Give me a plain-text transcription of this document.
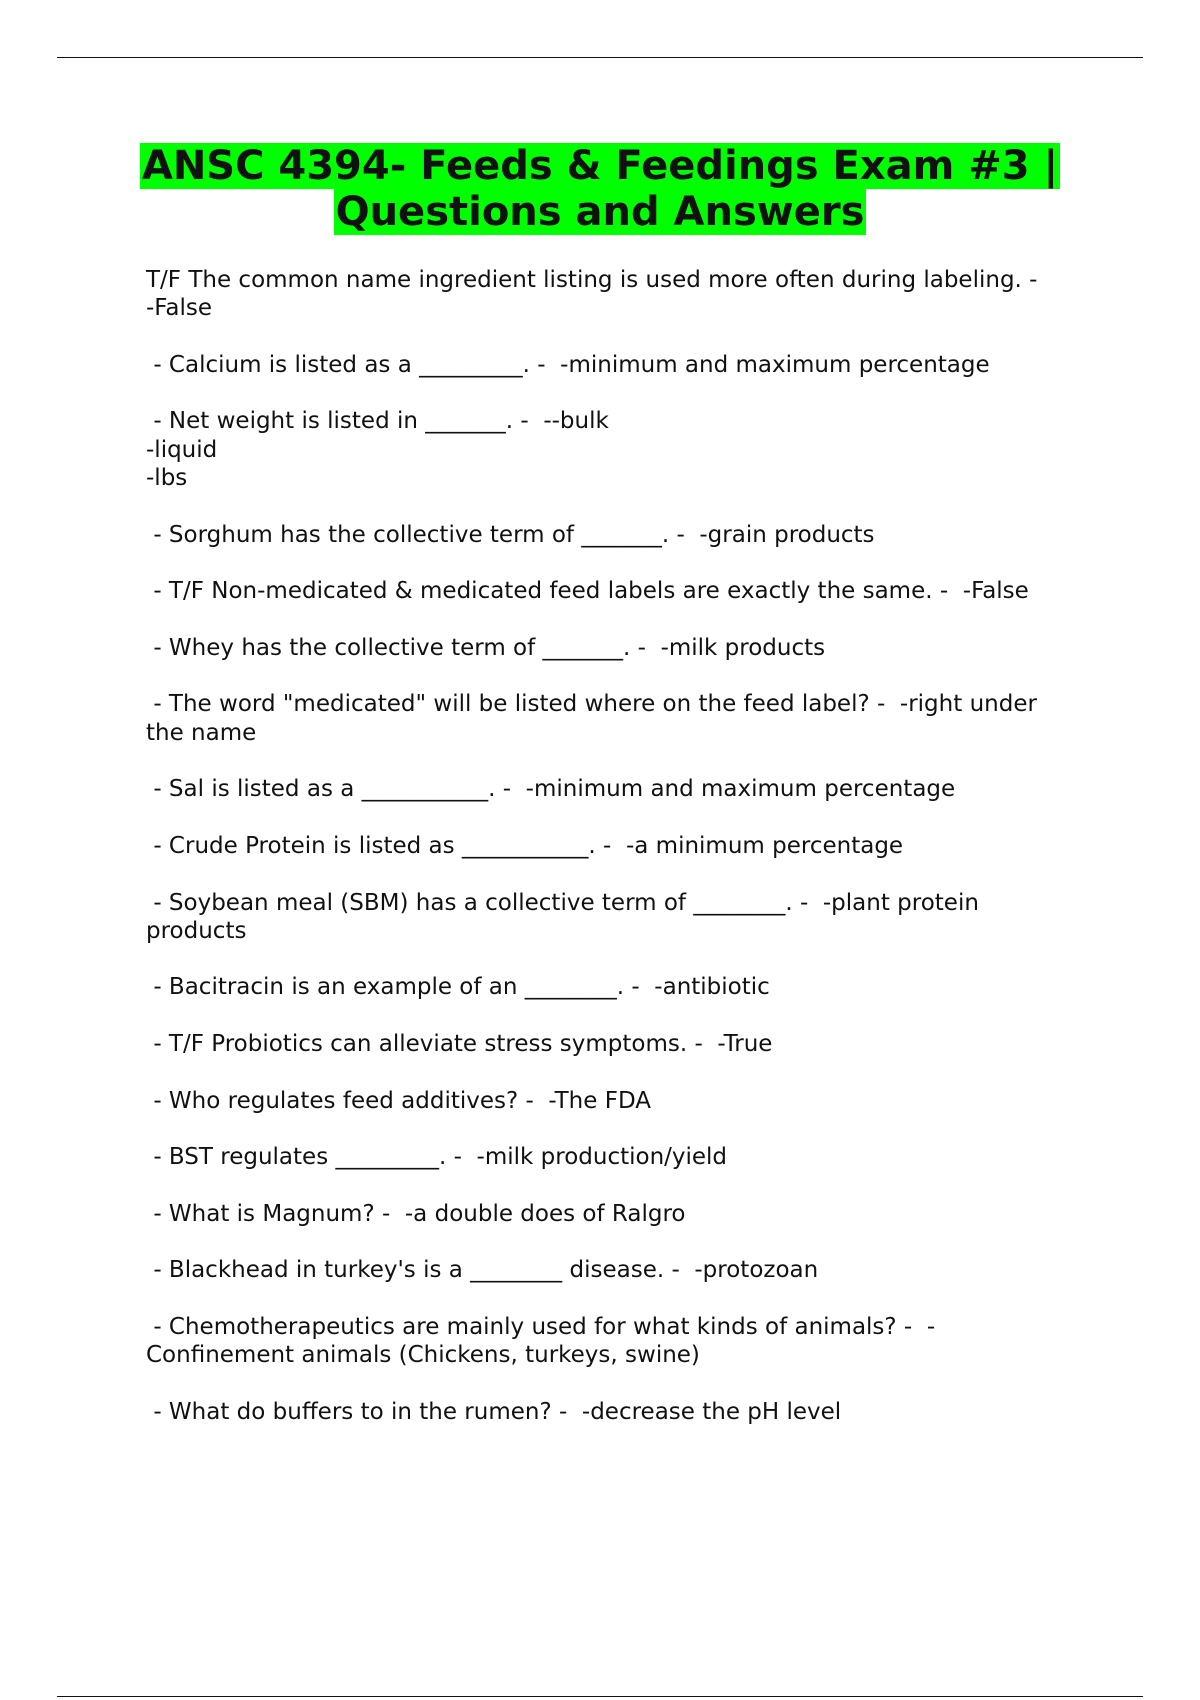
ANSC 4394- Feeds & Feedings Exam #3 |
Questions and Answers
T/F The common name ingredient listing is used more often during labeling. -
-False
- Calcium is listed as a _________. -  -minimum and maximum percentage
- Net weight is listed in _______. -  --bulk
-liquid
-lbs
- Sorghum has the collective term of _______. -  -grain products
- T/F Non-medicated & medicated feed labels are exactly the same. -  -False
- Whey has the collective term of _______. -  -milk products
- The word "medicated" will be listed where on the feed label? -  -right under
the name
- Sal is listed as a ___________. -  -minimum and maximum percentage
- Crude Protein is listed as ___________. -  -a minimum percentage
- Soybean meal (SBM) has a collective term of ________. -  -plant protein
products
- Bacitracin is an example of an ________. -  -antibiotic
- T/F Probiotics can alleviate stress symptoms. -  -True
- Who regulates feed additives? -  -The FDA
- BST regulates _________. -  -milk production/yield
- What is Magnum? -  -a double does of Ralgro
- Blackhead in turkey's is a ________ disease. -  -protozoan
- Chemotherapeutics are mainly used for what kinds of animals? -  -
Confinement animals (Chickens, turkeys, swine)
- What do buffers to in the rumen? -  -decrease the pH level
